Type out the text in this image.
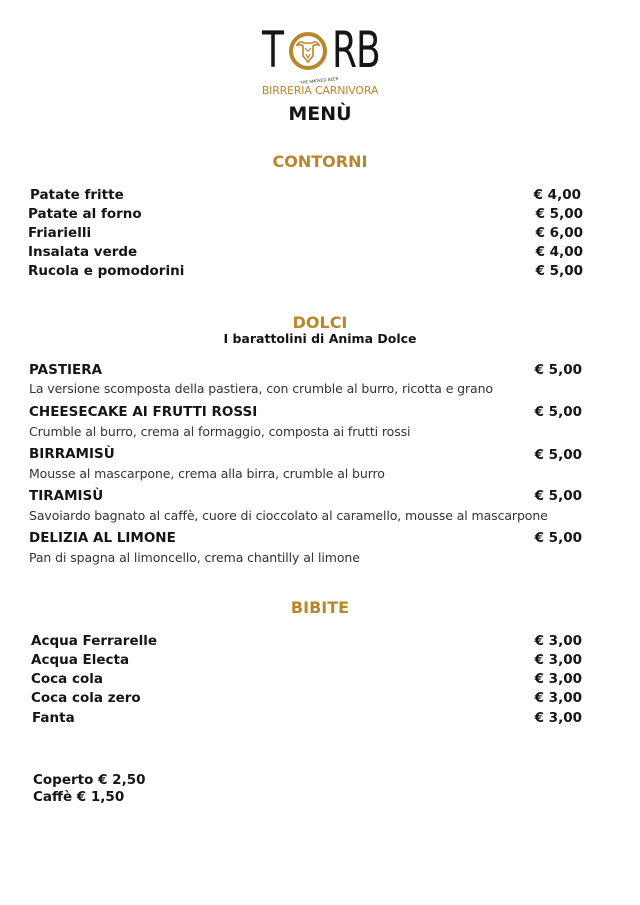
T R B
THE SMOKED BEER
BIRRERIA CARNIVORA
MENÙ
CONTORNI
Patate fritte	€ 4,00
Patate al forno	€ 5,00
Friarielli	€ 6,00
Insalata verde	€ 4,00
Rucola e pomodorini	€ 5,00
DOLCI
I barattolini di Anima Dolce
PASTIERA	€ 5,00
La versione scomposta della pastiera, con crumble al burro, ricotta e grano
CHEESECAKE AI FRUTTI ROSSI	€ 5,00
Crumble al burro, crema al formaggio, composta ai frutti rossi
BIRRAMISÙ	€ 5,00
Mousse al mascarpone, crema alla birra, crumble al burro
TIRAMISÙ	€ 5,00
Savoiardo bagnato al caffè, cuore di cioccolato al caramello, mousse al mascarpone
DELIZIA AL LIMONE	€ 5,00
Pan di spagna al limoncello, crema chantilly al limone
BIBITE
Acqua Ferrarelle	€ 3,00
Acqua Electa	€ 3,00
Coca cola	€ 3,00
Coca cola zero	€ 3,00
Fanta	€ 3,00
Coperto € 2,50
Caffè € 1,50
